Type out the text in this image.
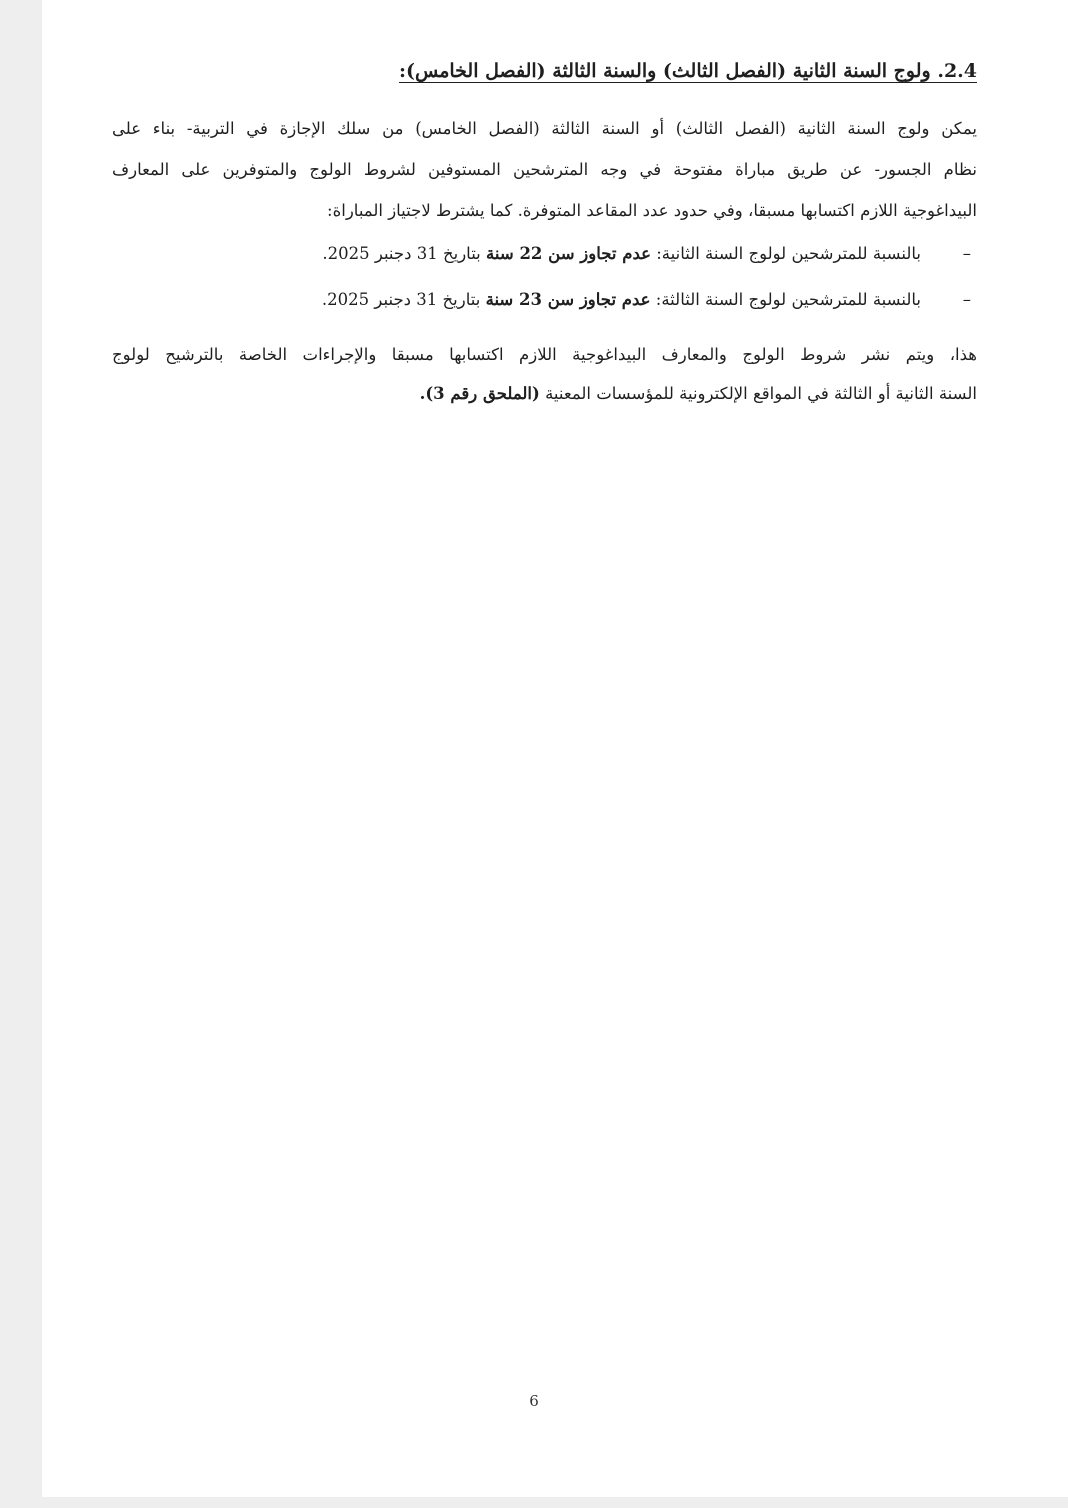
2.4. ولوج السنة الثانية (الفصل الثالث) والسنة الثالثة (الفصل الخامس):

يمكن ولوج السنة الثانية (الفصل الثالث) أو السنة الثالثة (الفصل الخامس) من سلك الإجازة في التربية- بناء على
نظام الجسور- عن طريق مباراة مفتوحة في وجه المترشحين المستوفين لشروط الولوج والمتوفرين على المعارف
البيداغوجية اللازم اكتسابها مسبقا، وفي حدود عدد المقاعد المتوفرة. كما يشترط لاجتياز المباراة:

–
بالنسبة للمترشحين لولوج السنة الثانية: عدم تجاوز سن 22 سنة بتاريخ 31 دجنبر 2025.
–
بالنسبة للمترشحين لولوج السنة الثالثة: عدم تجاوز سن 23 سنة بتاريخ 31 دجنبر 2025.

هذا، ويتم نشر شروط الولوج والمعارف البيداغوجية اللازم اكتسابها مسبقا والإجراءات الخاصة بالترشيح لولوج
السنة الثانية أو الثالثة في المواقع الإلكترونية للمؤسسات المعنية (الملحق رقم 3).

6
